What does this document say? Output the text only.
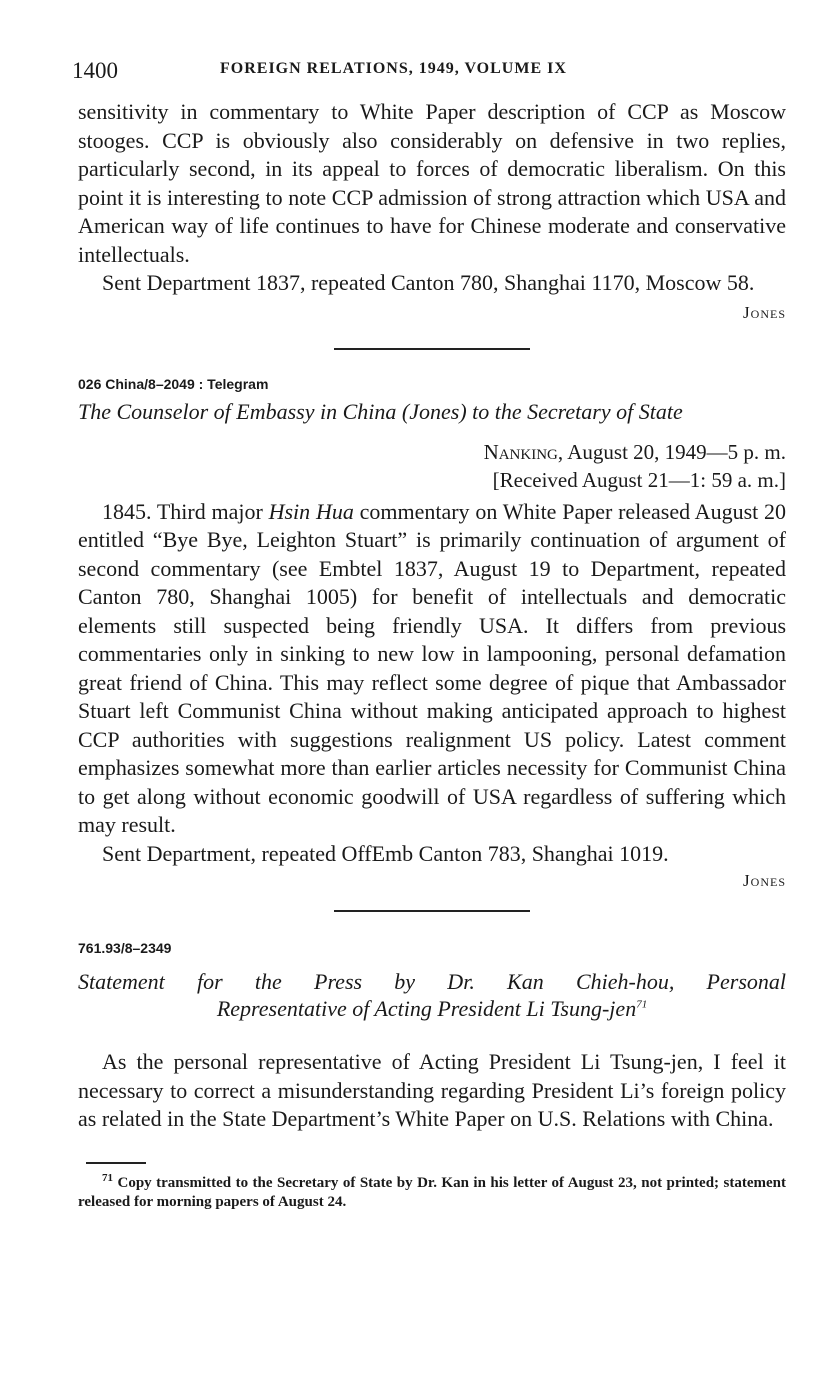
1400	FOREIGN RELATIONS, 1949, VOLUME IX

sensitivity in commentary to White Paper description of CCP as Moscow stooges. CCP is obviously also considerably on defensive in two replies, particularly second, in its appeal to forces of democratic liberalism. On this point it is interesting to note CCP admission of strong attraction which USA and American way of life continues to have for Chinese moderate and conservative intellectuals.

Sent Department 1837, repeated Canton 780, Shanghai 1170, Moscow 58.

Jones
026 China/8–2049 : Telegram
The Counselor of Embassy in China (Jones) to the Secretary of State
Nanking, August 20, 1949—5 p. m.
[Received August 21—1: 59 a. m.]

1845. Third major Hsin Hua commentary on White Paper released August 20 entitled “Bye Bye, Leighton Stuart” is primarily continuation of argument of second commentary (see Embtel 1837, August 19 to Department, repeated Canton 780, Shanghai 1005) for benefit of intellectuals and democratic elements still suspected being friendly USA. It differs from previous commentaries only in sinking to new low in lampooning, personal defamation great friend of China. This may reflect some degree of pique that Ambassador Stuart left Communist China without making anticipated approach to highest CCP authorities with suggestions realignment US policy. Latest comment emphasizes somewhat more than earlier articles necessity for Communist China to get along without economic goodwill of USA regardless of suffering which may result.

Sent Department, repeated OffEmb Canton 783, Shanghai 1019.

Jones
761.93/8–2349
Statement for the Press by Dr. Kan Chieh-hou, Personal
Representative of Acting President Li Tsung-jen$^{71}$

As the personal representative of Acting President Li Tsung-jen, I feel it necessary to correct a misunderstanding regarding President Li’s foreign policy as related in the State Department’s White Paper on U.S. Relations with China.

$^{71}$ Copy transmitted to the Secretary of State by Dr. Kan in his letter of August 23, not printed; statement released for morning papers of August 24.
